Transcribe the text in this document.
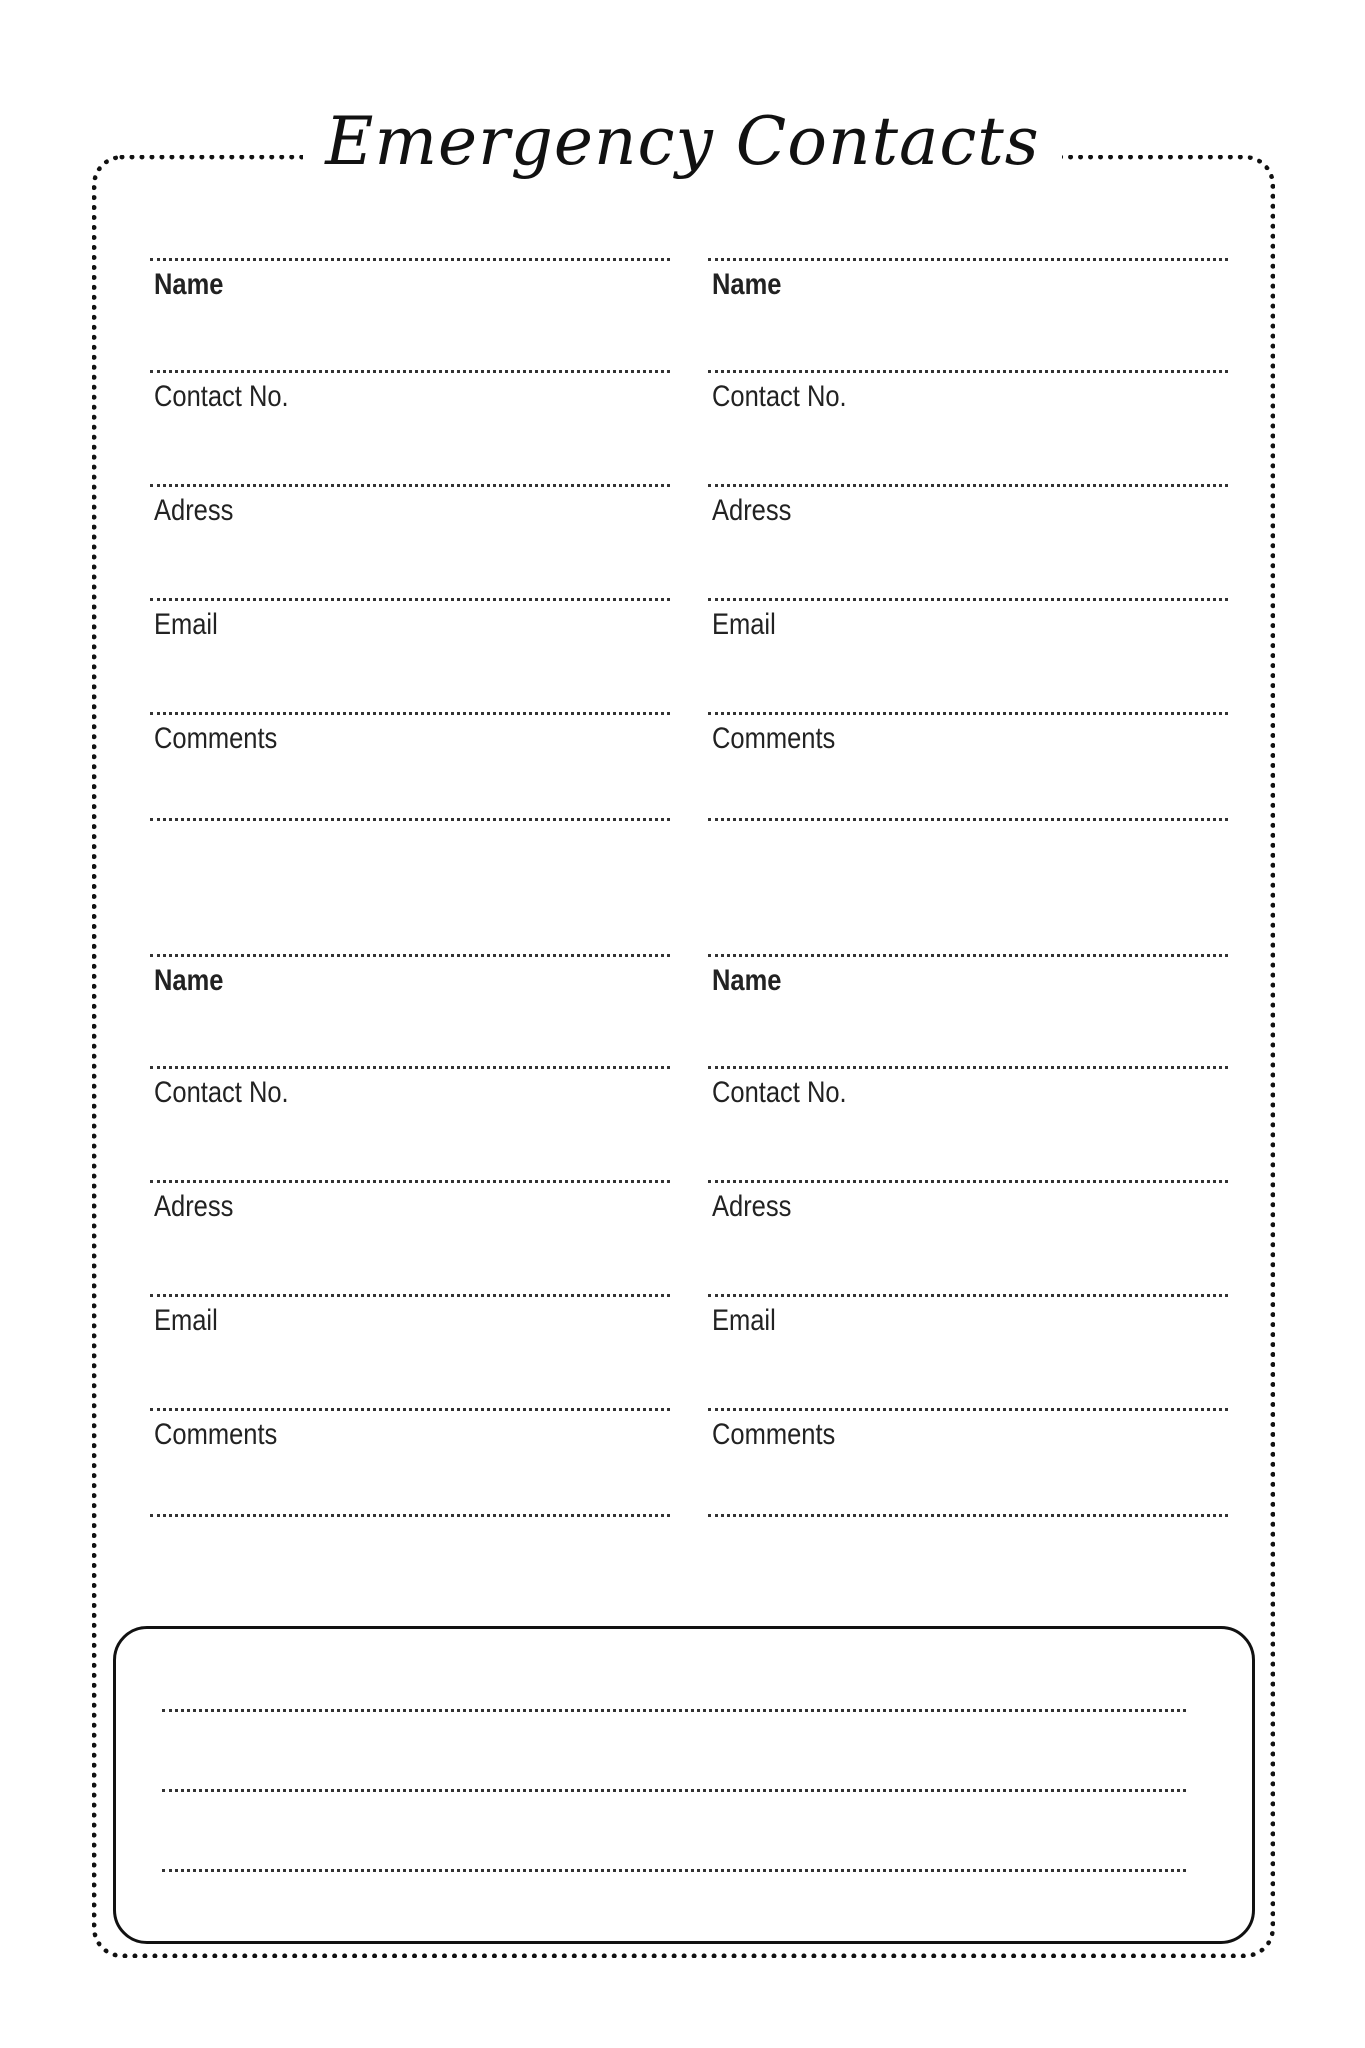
Emergency Contacts
Name
Contact No.
Adress
Email
Comments
Name
Contact No.
Adress
Email
Comments
Name
Contact No.
Adress
Email
Comments
Name
Contact No.
Adress
Email
Comments
